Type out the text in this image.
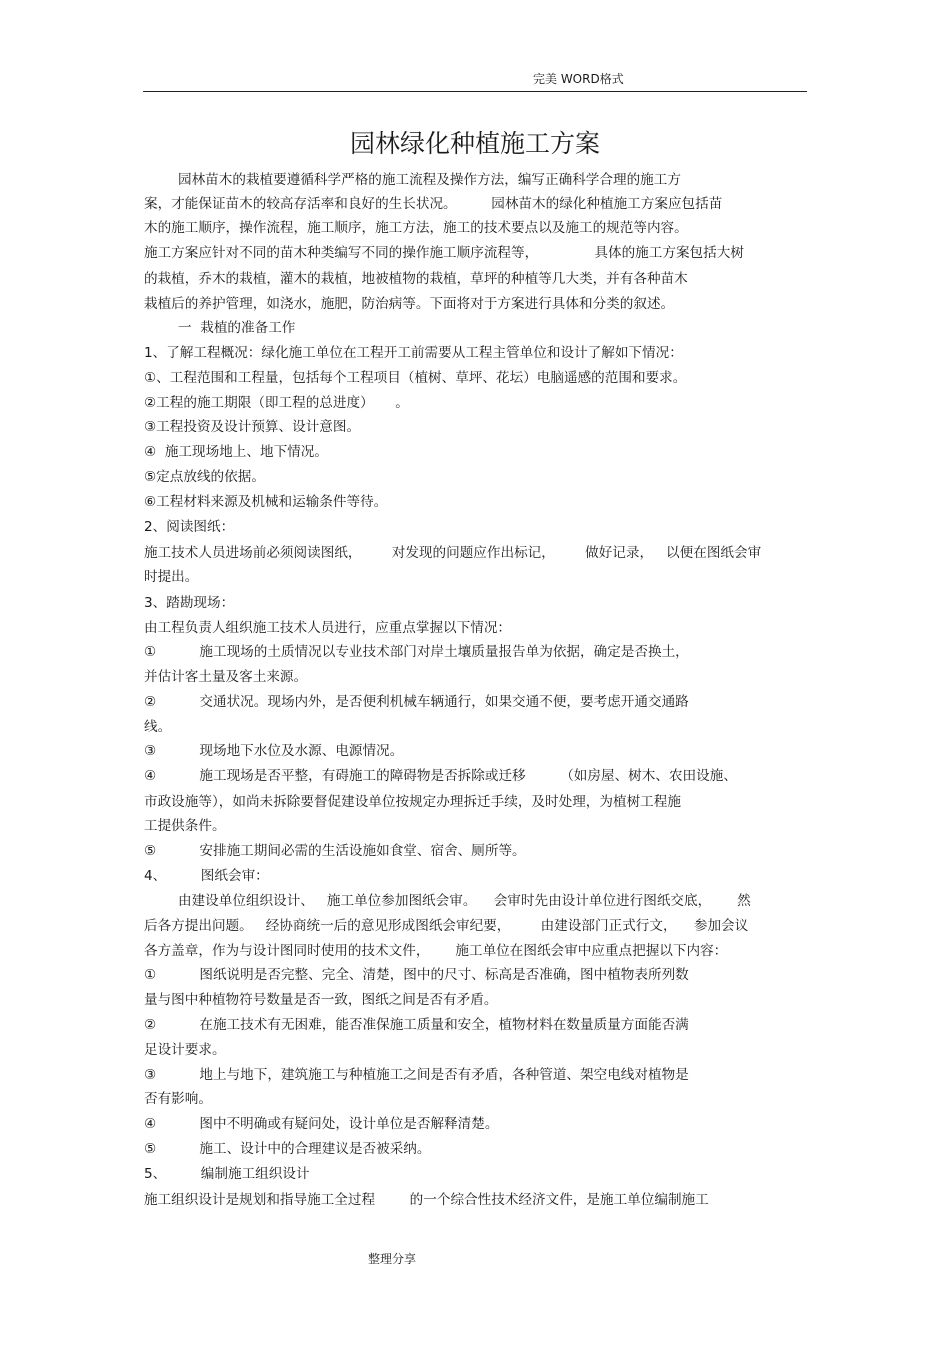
完美 WORD格式
园林绿化种植施工方案
园林苗木的栽植要遵循科学严格的施工流程及操作方法，编写正确科学合理的施工方
案，才能保证苗木的较高存活率和良好的生长状况。        园林苗木的绿化种植施工方案应包括苗
木的施工顺序，操作流程，施工顺序，施工方法，施工的技术要点以及施工的规范等内容。
施工方案应针对不同的苗木种类编写不同的操作施工顺序流程等，             具体的施工方案包括大树
的栽植，乔木的栽植，灌木的栽植，地被植物的栽植，草坪的种植等几大类，并有各种苗木
栽植后的养护管理，如浇水，施肥，防治病等。下面将对于方案进行具体和分类的叙述。
一  栽植的准备工作
1、了解工程概况：绿化施工单位在工程开工前需要从工程主管单位和设计了解如下情况：
①、工程范围和工程量，包括每个工程项目（植树、草坪、花坛）电脑遥感的范围和要求。
②工程的施工期限（即工程的总进度）     。
③工程投资及设计预算、设计意图。
④  施工现场地上、地下情况。
⑤定点放线的依据。
⑥工程材料来源及机械和运输条件等待。
2、阅读图纸：
施工技术人员进场前必须阅读图纸，       对发现的问题应作出标记，       做好记录，   以便在图纸会审
时提出。
3、踏勘现场：
由工程负责人组织施工技术人员进行，应重点掌握以下情况：
①          施工现场的土质情况以专业技术部门对岸土壤质量报告单为依据，确定是否换土，
并估计客土量及客土来源。
②          交通状况。现场内外，是否便利机械车辆通行，如果交通不便，要考虑开通交通路
线。
③          现场地下水位及水源、电源情况。
④          施工现场是否平整，有碍施工的障碍物是否拆除或迁移        （如房屋、树木、农田设施、
市政设施等），如尚未拆除要督促建设单位按规定办理拆迁手续，及时处理，为植树工程施
工提供条件。
⑤          安排施工期间必需的生活设施如食堂、宿舍、厕所等。
4、        图纸会审：
由建设单位组织设计、   施工单位参加图纸会审。    会审时先由设计单位进行图纸交底，      然
后各方提出问题。   经协商统一后的意见形成图纸会审纪要，       由建设部门正式行文，    参加会议
各方盖章，作为与设计图同时使用的技术文件，      施工单位在图纸会审中应重点把握以下内容：
①          图纸说明是否完整、完全、清楚，图中的尺寸、标高是否准确，图中植物表所列数
量与图中种植物符号数量是否一致，图纸之间是否有矛盾。
②          在施工技术有无困难，能否准保施工质量和安全，植物材料在数量质量方面能否满
足设计要求。
③          地上与地下，建筑施工与种植施工之间是否有矛盾，各种管道、架空电线对植物是
否有影响。
④          图中不明确或有疑问处，设计单位是否解释清楚。
⑤          施工、设计中的合理建议是否被采纳。
5、        编制施工组织设计
施工组织设计是规划和指导施工全过程        的一个综合性技术经济文件，是施工单位编制施工
整理分享
